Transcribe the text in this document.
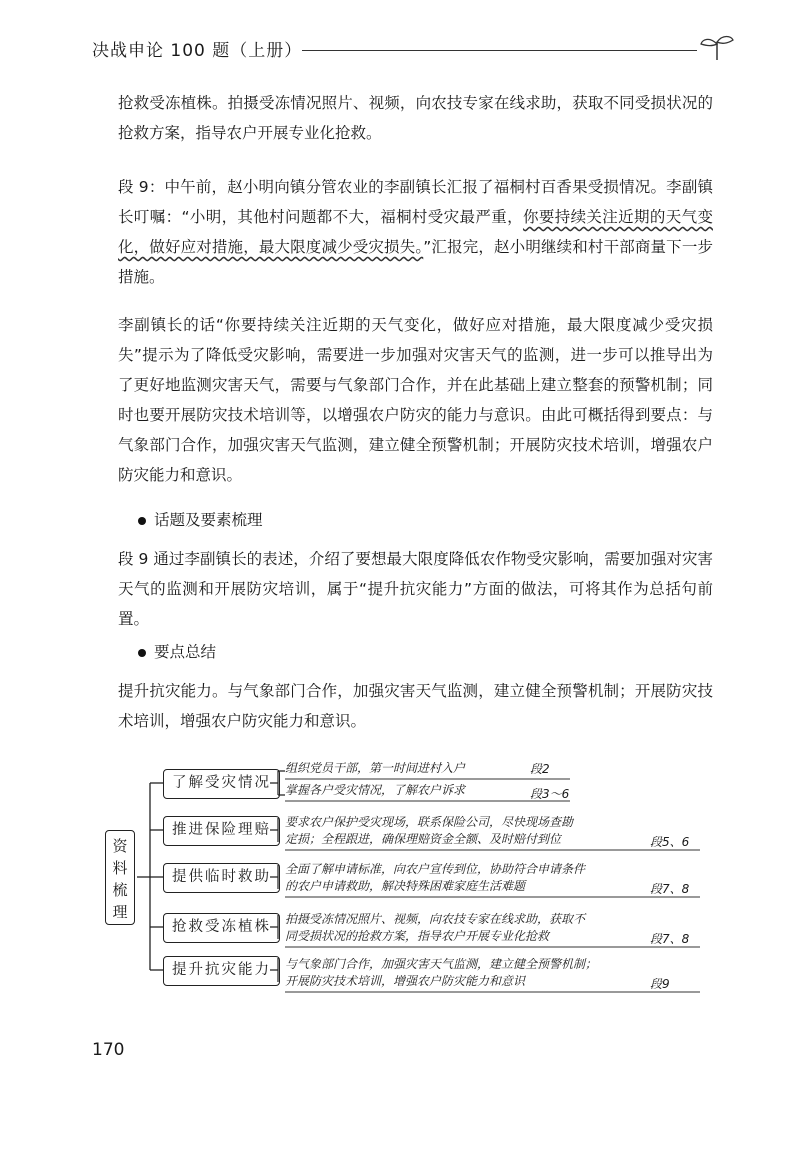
决战申论 100 题（上册）

抢救受冻植株。拍摄受冻情况照片、视频，向农技专家在线求助，获取不同受损状况的抢救方案，指导农户开展专业化抢救。

段 9：中午前，赵小明向镇分管农业的李副镇长汇报了福桐村百香果受损情况。李副镇长叮嘱：“小明，其他村问题都不大，福桐村受灾最严重，你要持续关注近期的天气变化，做好应对措施，最大限度减少受灾损失。”汇报完，赵小明继续和村干部商量下一步措施。

李副镇长的话“你要持续关注近期的天气变化，做好应对措施，最大限度减少受灾损失”提示为了降低受灾影响，需要进一步加强对灾害天气的监测，进一步可以推导出为了更好地监测灾害天气，需要与气象部门合作，并在此基础上建立整套的预警机制；同时也要开展防灾技术培训等，以增强农户防灾的能力与意识。由此可概括得到要点：与气象部门合作，加强灾害天气监测，建立健全预警机制；开展防灾技术培训，增强农户防灾能力和意识。

话题及要素梳理

段 9 通过李副镇长的表述，介绍了要想最大限度降低农作物受灾影响，需要加强对灾害天气的监测和开展防灾培训，属于“提升抗灾能力”方面的做法，可将其作为总括句前置。

要点总结

提升抗灾能力。与气象部门合作，加强灾害天气监测，建立健全预警机制；开展防灾技术培训，增强农户防灾能力和意识。

资
料
梳
理
了解受灾情况
组织党员干部，第一时间进村入户	段2
掌握各户受灾情况，了解农户诉求	段3～6
推进保险理赔	要求农户保护受灾现场，联系保险公司，尽快现场查勘
定损；全程跟进，确保理赔资金全额、及时赔付到位	段5、6
提供临时救助	全面了解申请标准，向农户宣传到位，协助符合申请条件
的农户申请救助，解决特殊困难家庭生活难题	段7、8
抢救受冻植株	拍摄受冻情况照片、视频，向农技专家在线求助，获取不
同受损状况的抢救方案，指导农户开展专业化抢救	段7、8
提升抗灾能力	与气象部门合作，加强灾害天气监测，建立健全预警机制；
开展防灾技术培训，增强农户防灾能力和意识	段9
170
